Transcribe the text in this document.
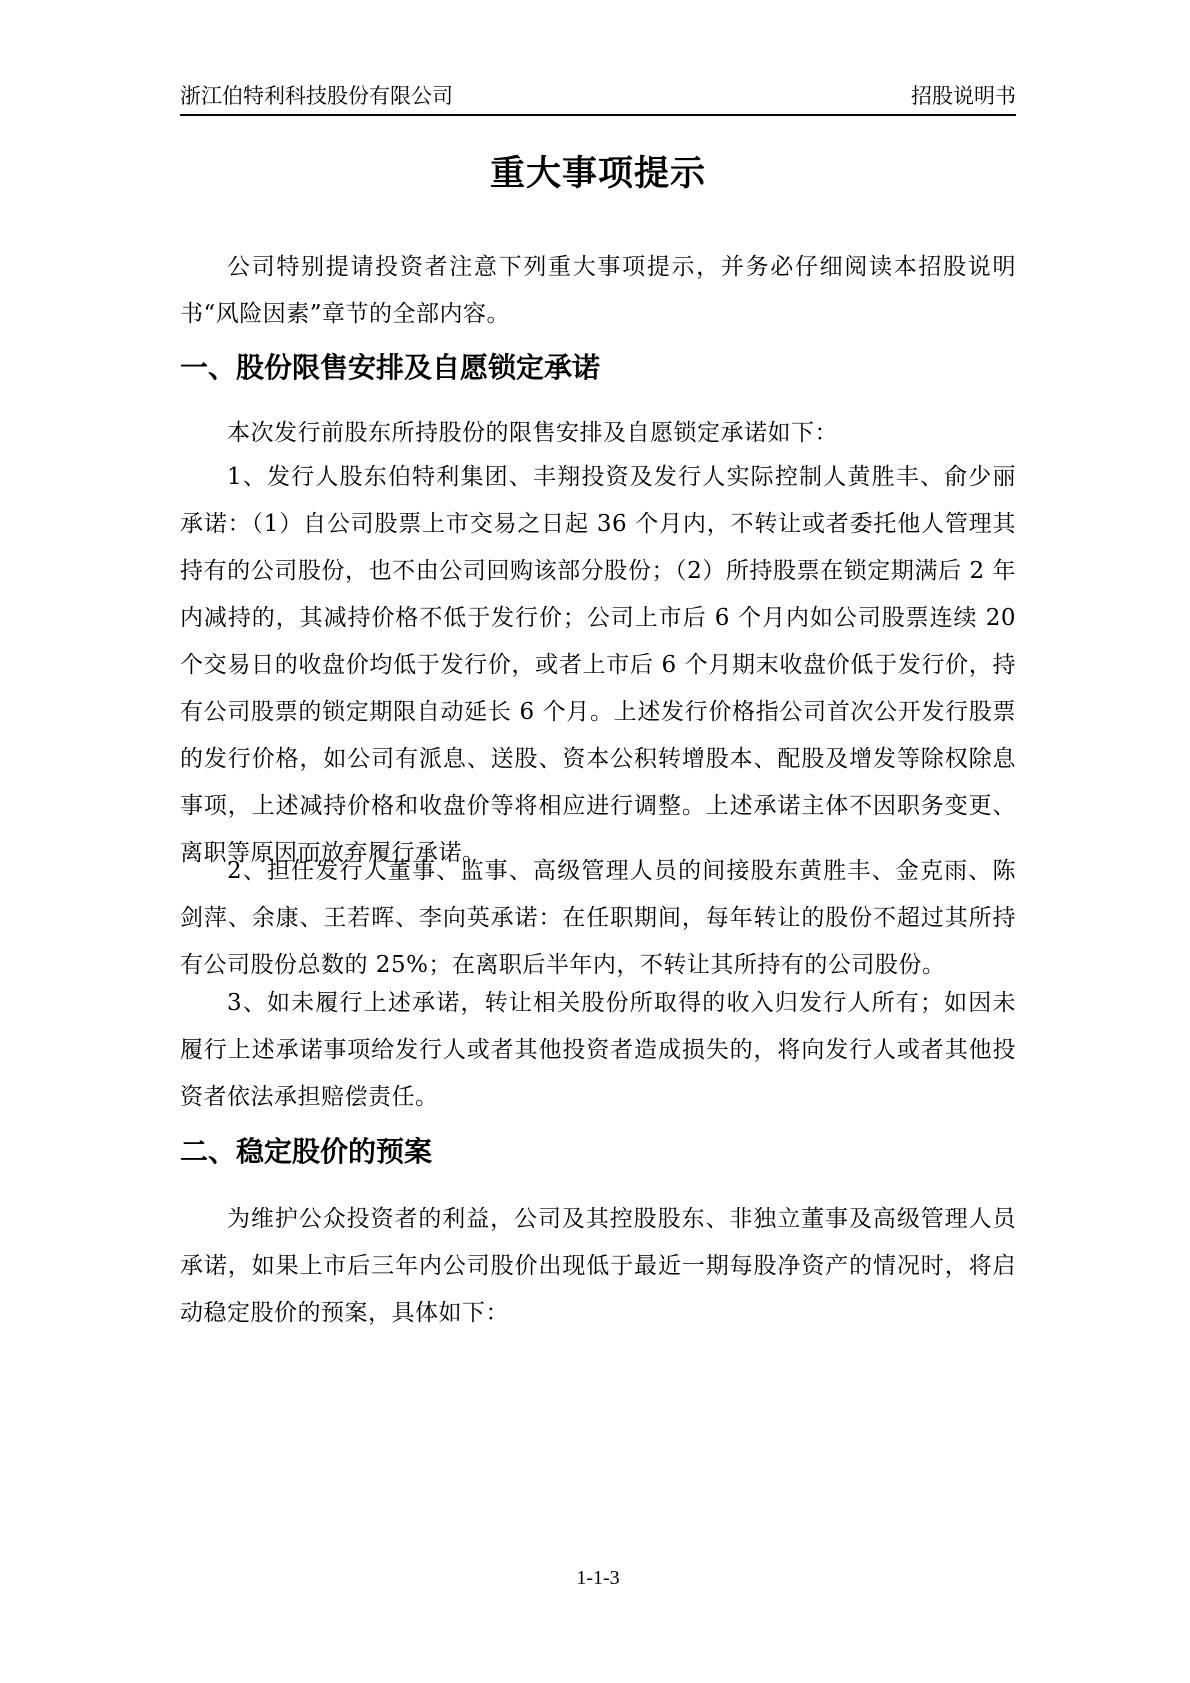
浙江伯特利科技股份有限公司	招股说明书
重大事项提示

公司特别提请投资者注意下列重大事项提示，并务必仔细阅读本招股说明书“风险因素”章节的全部内容。

一、股份限售安排及自愿锁定承诺

本次发行前股东所持股份的限售安排及自愿锁定承诺如下：

1、发行人股东伯特利集团、丰翔投资及发行人实际控制人黄胜丰、俞少丽承诺：（1）自公司股票上市交易之日起 36 个月内，不转让或者委托他人管理其持有的公司股份，也不由公司回购该部分股份；（2）所持股票在锁定期满后 2 年内减持的，其减持价格不低于发行价；公司上市后 6 个月内如公司股票连续 20 个交易日的收盘价均低于发行价，或者上市后 6 个月期末收盘价低于发行价，持有公司股票的锁定期限自动延长 6 个月。上述发行价格指公司首次公开发行股票的发行价格，如公司有派息、送股、资本公积转增股本、配股及增发等除权除息事项，上述减持价格和收盘价等将相应进行调整。上述承诺主体不因职务变更、离职等原因而放弃履行承诺。

2、担任发行人董事、监事、高级管理人员的间接股东黄胜丰、金克雨、陈剑萍、余康、王若晖、李向英承诺：在任职期间，每年转让的股份不超过其所持有公司股份总数的 25%；在离职后半年内，不转让其所持有的公司股份。

3、如未履行上述承诺，转让相关股份所取得的收入归发行人所有；如因未履行上述承诺事项给发行人或者其他投资者造成损失的，将向发行人或者其他投资者依法承担赔偿责任。

二、稳定股价的预案

为维护公众投资者的利益，公司及其控股股东、非独立董事及高级管理人员承诺，如果上市后三年内公司股价出现低于最近一期每股净资产的情况时，将启动稳定股价的预案，具体如下：

1-1-3
